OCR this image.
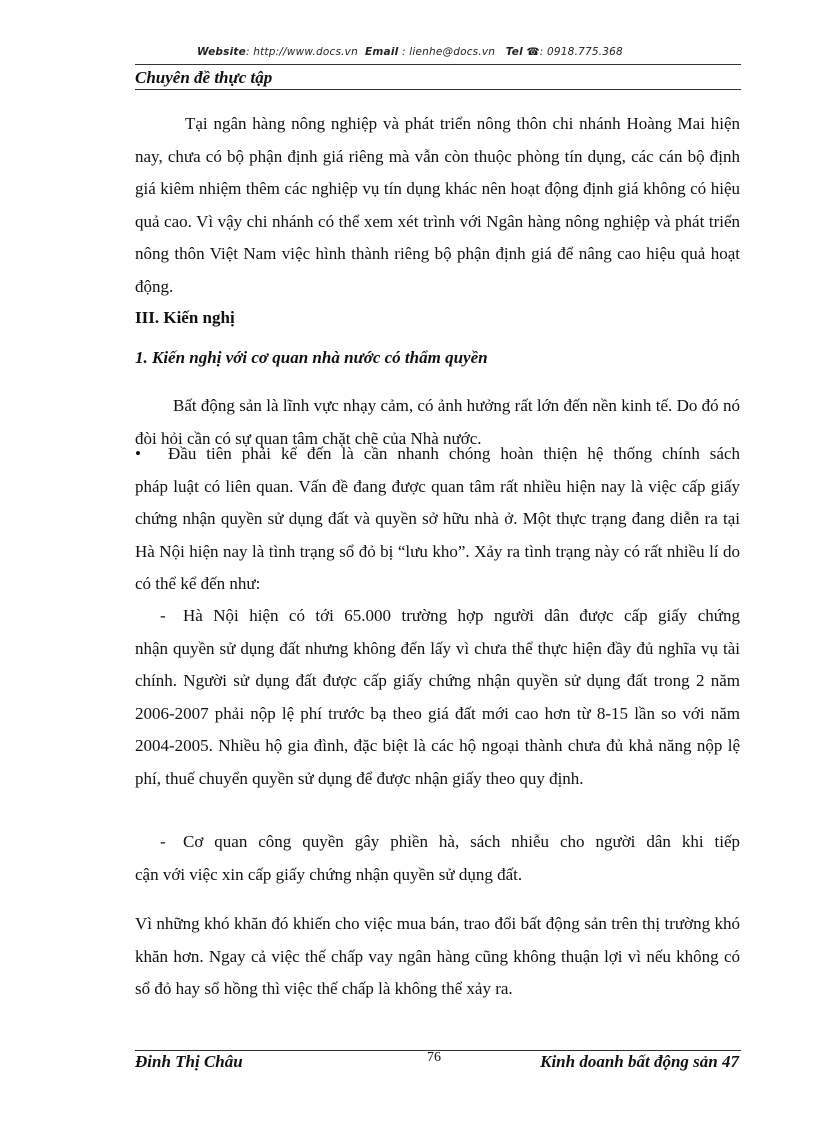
Website: http://www.docs.vn Email : lienhe@docs.vn Tel ☎: 0918.775.368
Chuyên đề thực tập

Tại ngân hàng nông nghiệp và phát triển nông thôn chi nhánh Hoàng Mai hiện nay, chưa có bộ phận định giá riêng mà vẫn còn thuộc phòng tín dụng, các cán bộ định giá kiêm nhiệm thêm các nghiệp vụ tín dụng khác nên hoạt động định giá không có hiệu quả cao. Vì vậy chi nhánh có thể xem xét trình với Ngân hàng nông nghiệp và phát triển nông thôn Việt Nam việc hình thành riêng bộ phận định giá để nâng cao hiệu quả hoạt động.

III. Kiến nghị
1. Kiến nghị với cơ quan nhà nước có thẩm quyền

Bất động sản là lĩnh vực nhạy cảm, có ảnh hưởng rất lớn đến nền kinh tế. Do đó nó đòi hỏi cần có sự quan tâm chặt chẽ của Nhà nước.

•	Đầu tiên phải kể đến là cần nhanh chóng hoàn thiện hệ thống chính sách
pháp luật có liên quan. Vấn đề đang được quan tâm rất nhiều hiện nay là việc cấp giấy chứng nhận quyền sử dụng đất và quyền sở hữu nhà ở. Một thực trạng đang diễn ra tại Hà Nội hiện nay là tình trạng sổ đỏ bị “lưu kho”. Xảy ra tình trạng này có rất nhiều lí do có thể kể đến như:
-	Hà Nội hiện có tới 65.000 trường hợp người dân được cấp giấy chứng
nhận quyền sử dụng đất nhưng không đến lấy vì chưa thể thực hiện đầy đủ nghĩa vụ tài chính. Người sử dụng đất được cấp giấy chứng nhận quyền sử dụng đất trong 2 năm 2006-2007 phải nộp lệ phí trước bạ theo giá đất mới cao hơn từ 8-15 lần so với năm 2004-2005. Nhiều hộ gia đình, đặc biệt là các hộ ngoại thành chưa đủ khả năng nộp lệ phí, thuế chuyển quyền sử dụng để được nhận giấy theo quy định.
-	Cơ quan công quyền gây phiền hà, sách nhiễu cho người dân khi tiếp
cận với việc xin cấp giấy chứng nhận quyền sử dụng đất.

Vì những khó khăn đó khiến cho việc mua bán, trao đổi bất động sản trên thị trường khó khăn hơn. Ngay cả việc thế chấp vay ngân hàng cũng không thuận lợi vì nếu không có sổ đỏ hay sổ hồng thì việc thế chấp là không thể xảy ra.

Đinh Thị Châu	76	Kinh doanh bất động sản 47
